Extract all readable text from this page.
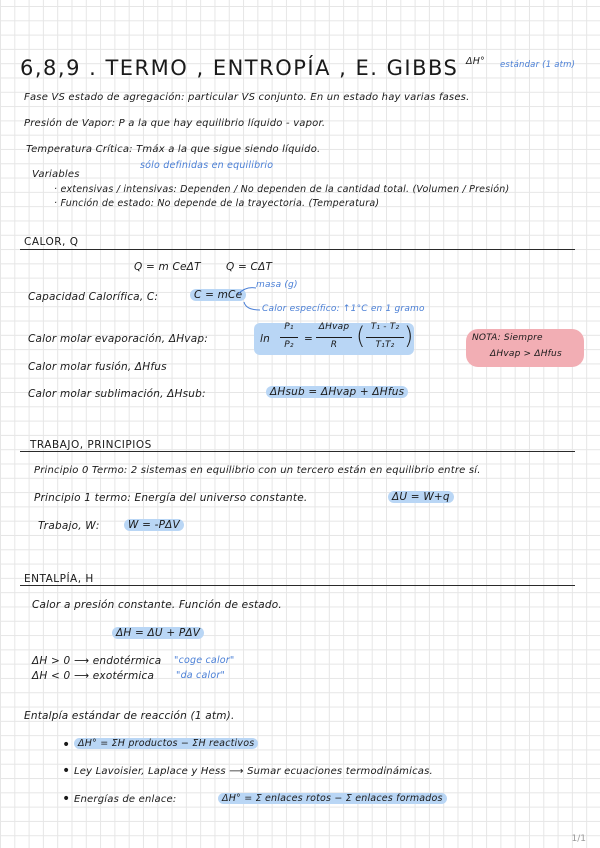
6,8,9 . TERMO , ENTROPÍA , E. GIBBS ΔH° estándar (1 atm)
Fase VS estado de agregación: particular VS conjunto. En un estado hay varias fases.
Presión de Vapor: P a la que hay equilibrio líquido - vapor.
Temperatura Crítica: Tmáx a la que sigue siendo líquido.
sólo definidas en equilibrio
Variables
· extensivas / intensivas: Dependen / No dependen de la cantidad total. (Volumen / Presión)
· Función de estado: No depende de la trayectoria. (Temperatura)
CALOR, Q
Q = m CeΔT Q = CΔT
Capacidad Calorífica, C:	C = mCe
masa (g)
Calor específico: ↑1°C en 1 gramo
Calor molar evaporación, ΔHvap:	ln
P₁
P₂ =
ΔHvap
R ( T₁ - T₂
T₁T₂ )	NOTA: Siempre
ΔHvap > ΔHfus
Calor molar fusión, ΔHfus
Calor molar sublimación, ΔHsub:	ΔHsub = ΔHvap + ΔHfus
TRABAJO, PRINCIPIOS
Principio 0 Termo: 2 sistemas en equilibrio con un tercero están en equilibrio entre sí.
Principio 1 termo: Energía del universo constante.	ΔU = W+q
Trabajo, W:	W = -PΔV
ENTALPÍA, H
Calor a presión constante. Función de estado.
ΔH = ΔU + PΔV
ΔH > 0 ⟶ endotérmica "coge calor"
ΔH < 0 ⟶ exotérmica "da calor"
Entalpía estándar de reacción (1 atm).
• ΔH° = ΣH productos − ΣH reactivos
• Ley Lavoisier, Laplace y Hess ⟶ Sumar ecuaciones termodinámicas.
• Energías de enlace:	ΔH° = Σ enlaces rotos − Σ enlaces formados
1/1
